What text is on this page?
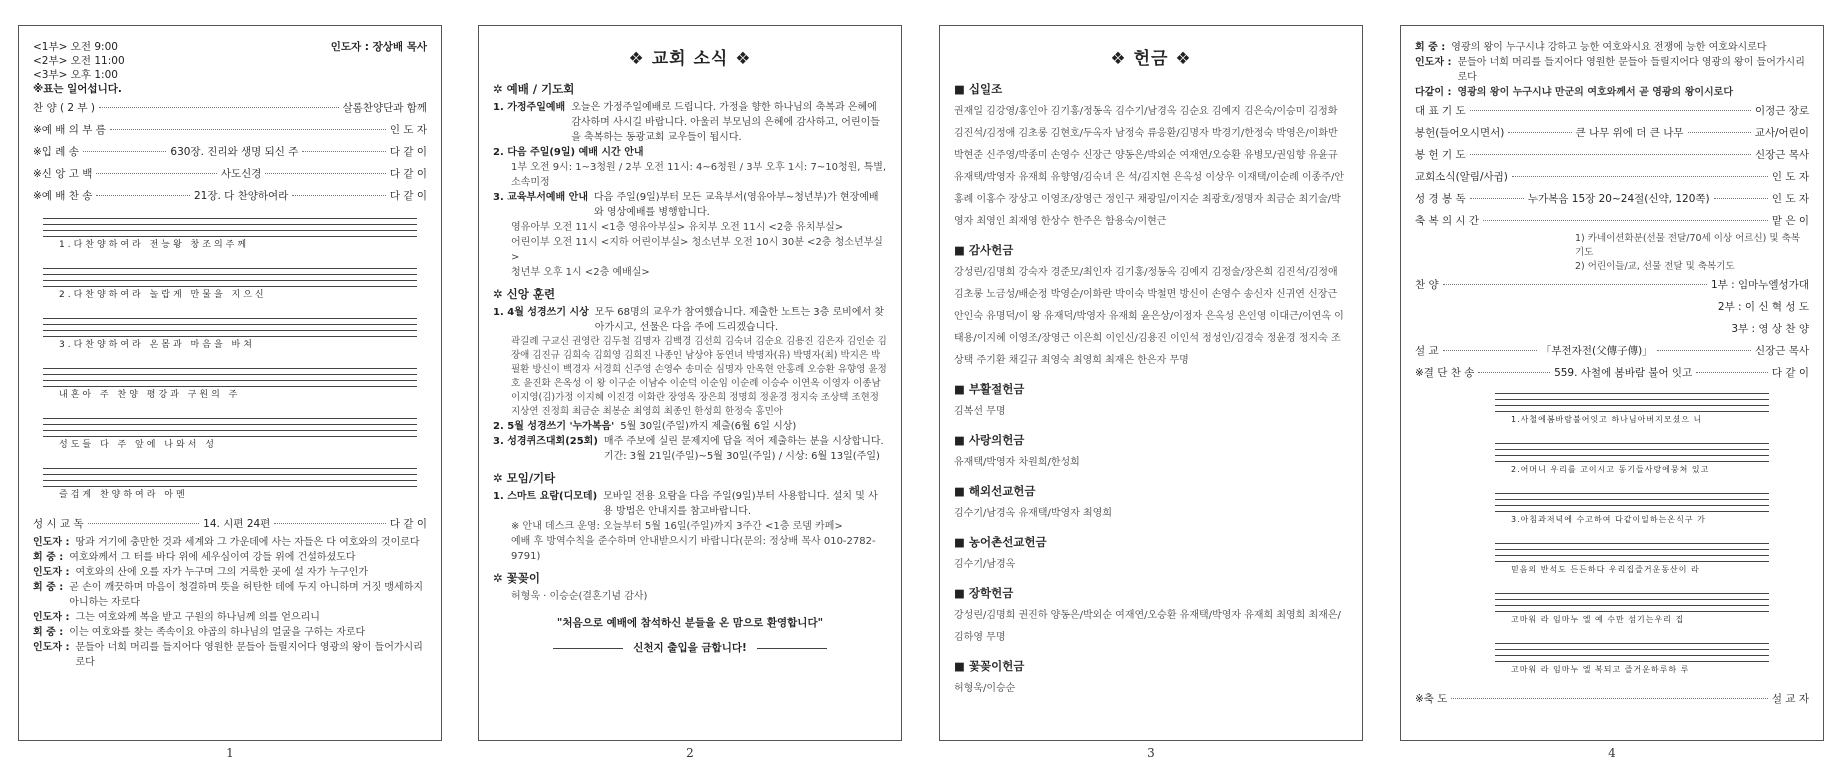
<1부> 오전 9:00
<2부> 오전 11:00
<3부> 오후 1:00
인도자 : 장상배 목사
※표는 일어섭니다.
찬 양 ( 2 부 )	살롬찬양단과 함께
※예 배 의 부 름	인 도 자
※입 례 송	630장. 진리와 생명 되신 주	다 같 이
※신 앙 고 백	사도신경	다 같 이
※예 배 찬 송	21장. 다 찬양하여라	다 같 이
1.다찬양하여라 전능왕 창조의주께
2.다찬양하여라 놀랍게 만물을 지으신
3.다찬양하여라 온몸과 마음을 바쳐
내혼아 주 찬양 평강과 구원의 주
성도들 다 주 앞에 나와서 성
즐겁게 찬양하여라 아멘
성 시 교 독	14. 시편 24편	다 같 이
인도자 : 땅과 거기에 충만한 것과 세계와 그 가운데에 사는 자들은 다 여호와의 것이로다
회 중 : 여호와께서 그 터를 바다 위에 세우심이여 강들 위에 건설하셨도다
인도자 : 여호와의 산에 오를 자가 누구며 그의 거룩한 곳에 설 자가 누구인가
회 중 : 곧 손이 깨끗하며 마음이 청결하며 뜻을 허탄한 데에 두지 아니하며 거짓 맹세하지 아니하는 자로다
인도자 : 그는 여호와께 복을 받고 구원의 하나님께 의를 얻으리니
회 중 : 이는 여호와를 찾는 족속이요 야곱의 하나님의 얼굴을 구하는 자로다
인도자 : 문들아 너희 머리를 들지어다 영원한 문들아 들릴지어다 영광의 왕이 들어가시리로다
1
❖ 교회 소식 ❖
✲ 예배 / 기도회
1. 가정주일예배 오늘은 가정주일예배로 드립니다. 가정을 향한 하나님의 축복과 은혜에 감사하며 사시길 바랍니다. 아울러 부모님의 은혜에 감사하고, 어린이들을 축복하는 동광교회 교우들이 됩시다.
2. 다음 주일(9일) 예배 시간 안내
1부 오전 9시: 1~3청원 / 2부 오전 11시: 4~6청원 / 3부 오후 1시: 7~10청원, 특별, 소속미정
3. 교육부서예배 안내 다음 주일(9일)부터 모든 교육부서(영유아부~청년부)가 현장예배와 영상예배를 병행합니다.
영유아부 오전 11시 <1층 영유아부실> 유치부 오전 11시 <2층 유치부실>
어린이부 오전 11시 <지하 어린이부실> 청소년부 오전 10시 30분 <2층 청소년부실>
청년부 오후 1시 <2층 예배실>
✲ 신앙 훈련
1. 4월 성경쓰기 시상 모두 68명의 교우가 참여했습니다. 제출한 노트는 3층 로비에서 찾아가시고, 선물은 다음 주에 드리겠습니다.
곽길례 구교신 권영란 김두철 김명자 김백경 김선희 김숙녀 김순요 김용진 김은자 김인순 김장애 김진규 김희숙 김희영 김희진 나종인 남상야 동연녀 박명자(유) 박명자(최) 박지은 박필환 방신이 백경자 서경희 신주영 손영수 송미순 심명자 안옥현 안홍례 오승환 유향영 윤정호 윤진화 은옥성 이 왕 이구순 이남수 이순덕 이순임 이순례 이승수 이연옥 이영자 이종남 이지영(김)가정 이지혜 이진경 이화란 장영옥 장은희 정명희 정윤경 정지숙 조상택 조현정 지상연 진정희 최금순 최봉순 최영희 최종인 한성희 한정숙 홍민아
2. 5월 성경쓰기 '누가복음' 5월 30일(주일)까지 제출(6월 6일 시상)
3. 성경퀴즈대회(25회) 매주 주보에 실린 문제지에 답을 적어 제출하는 분을 시상합니다. 기간: 3월 21일(주일)~5월 30일(주일) / 시상: 6월 13일(주일)
✲ 모임/기타
1. 스마트 요람(디모데) 모바일 전용 요람을 다음 주일(9일)부터 사용합니다. 설치 및 사용 방법은 안내지를 참고바랍니다.
※ 안내 데스크 운영: 오늘부터 5월 16일(주일)까지 3주간 <1층 로뎀 카페>
예배 후 방역수칙을 준수하며 안내받으시기 바랍니다(문의: 정상배 목사 010-2782-9791)
✲ 꽃꽂이
허형욱 · 이승순(결혼기념 감사)
"처음으로 예배에 참석하신 분들을 온 맘으로 환영합니다"
신천지 출입을 금합니다!
2
❖ 헌금 ❖
■ 십일조
권재일 김강영/홍인아 김기홍/정동옥 김수기/남경옥 김순요 김예지 김은숙/이승미 김정화 김진석/김정애 김초롱 김현호/두옥자 남정숙 류응환/김명자 박경기/한정숙 박영은/이화반 박현준 신주영/박종미 손영수 신장근 양동은/박외순 여재연/오승환 유병모/권임향 유윤규 유재택/박영자 유재희 유향영/김숙녀 은 석/김지현 은옥성 이상우 이재택/이순례 이종주/안홍례 이홍수 장상고 이영조/장영근 정인구 채광일/이지순 최광호/정명자 최금순 최기술/박영자 최영인 최재영 한상수 한주은 함용숙/이현근
■ 감사헌금
강성린/김명희 강숙자 경준모/최인자 김기홍/정동옥 김예지 김정술/장은희 김진석/김정애 김초롱 노금성/배순정 박영순/이화란 박이숙 박철면 방신이 손영수 송신자 신귀연 신장근 안인숙 유명덕/이 왕 유재덕/박영자 유재희 윤은상/이정자 은옥성 은인영 이대근/이연옥 이태용/이지혜 이영조/장영근 이은희 이인신/김용진 이인석 정성인/김경숙 정윤경 정지숙 조상택 주기환 채길규 최영숙 최영희 최재은 한은자 무명
■ 부활절헌금
김복선 무명
■ 사랑의헌금
유재택/박영자 차원희/한성희
■ 해외선교헌금
김수기/남경옥 유재택/박영자 최영희
■ 농어촌선교헌금
김수기/남경옥
■ 장학헌금
강성린/김명희 권진하 양동은/박외순 여재연/오승환 유재택/박영자 유재희 최영희 최재은/김하영 무명
■ 꽃꽂이헌금
허형욱/이승순
3
회 중 : 영광의 왕이 누구시냐 강하고 능한 여호와시요 전쟁에 능한 여호와시로다
인도자 : 문들아 너희 머리를 들지어다 영원한 문들아 들릴지어다 영광의 왕이 들어가시리로다
다같이 : 영광의 왕이 누구시냐 만군의 여호와께서 곧 영광의 왕이시로다
대 표 기 도	이정근 장로
봉헌(들어오시면서)	큰 나무 위에 더 큰 나무	교사/어린이
봉 헌 기 도	신장근 목사
교회소식(알림/사귐)	인 도 자
성 경 봉 독	누가복음 15장 20~24절(신약, 120쪽)	인 도 자
축 복 의 시 간	맡 은 이
1) 카네이션화분(선물 전달/70세 이상 어르신) 및 축복기도
2) 어린이들/교, 선물 전달 및 축복기도
찬 양	1부 : 임마누엘성가대
2부 : 이 신 혁 성 도
3부 : 영 상 찬 양
설 교	「부전자전(父傳子傳)」	신장근 목사
※결 단 찬 송	559. 사철에 봄바람 불어 잇고	다 같 이
1.사철에봄바람불어잇고 하나님아버지모셨으 니
2.어머니 우리를 고이시고 동기들사랑에뭉쳐 있고
3.아침과저녁에 수고하여 다같이일하는온식구 가
믿음의 반석도 든든하다 우리집즐거운동산이 라
고마워 라 임마누 엘 예 수만 섬기는우리 집
고마워 라 임마누 엘 복되고 즐거운하루하 루
※축 도	설 교 자
4
